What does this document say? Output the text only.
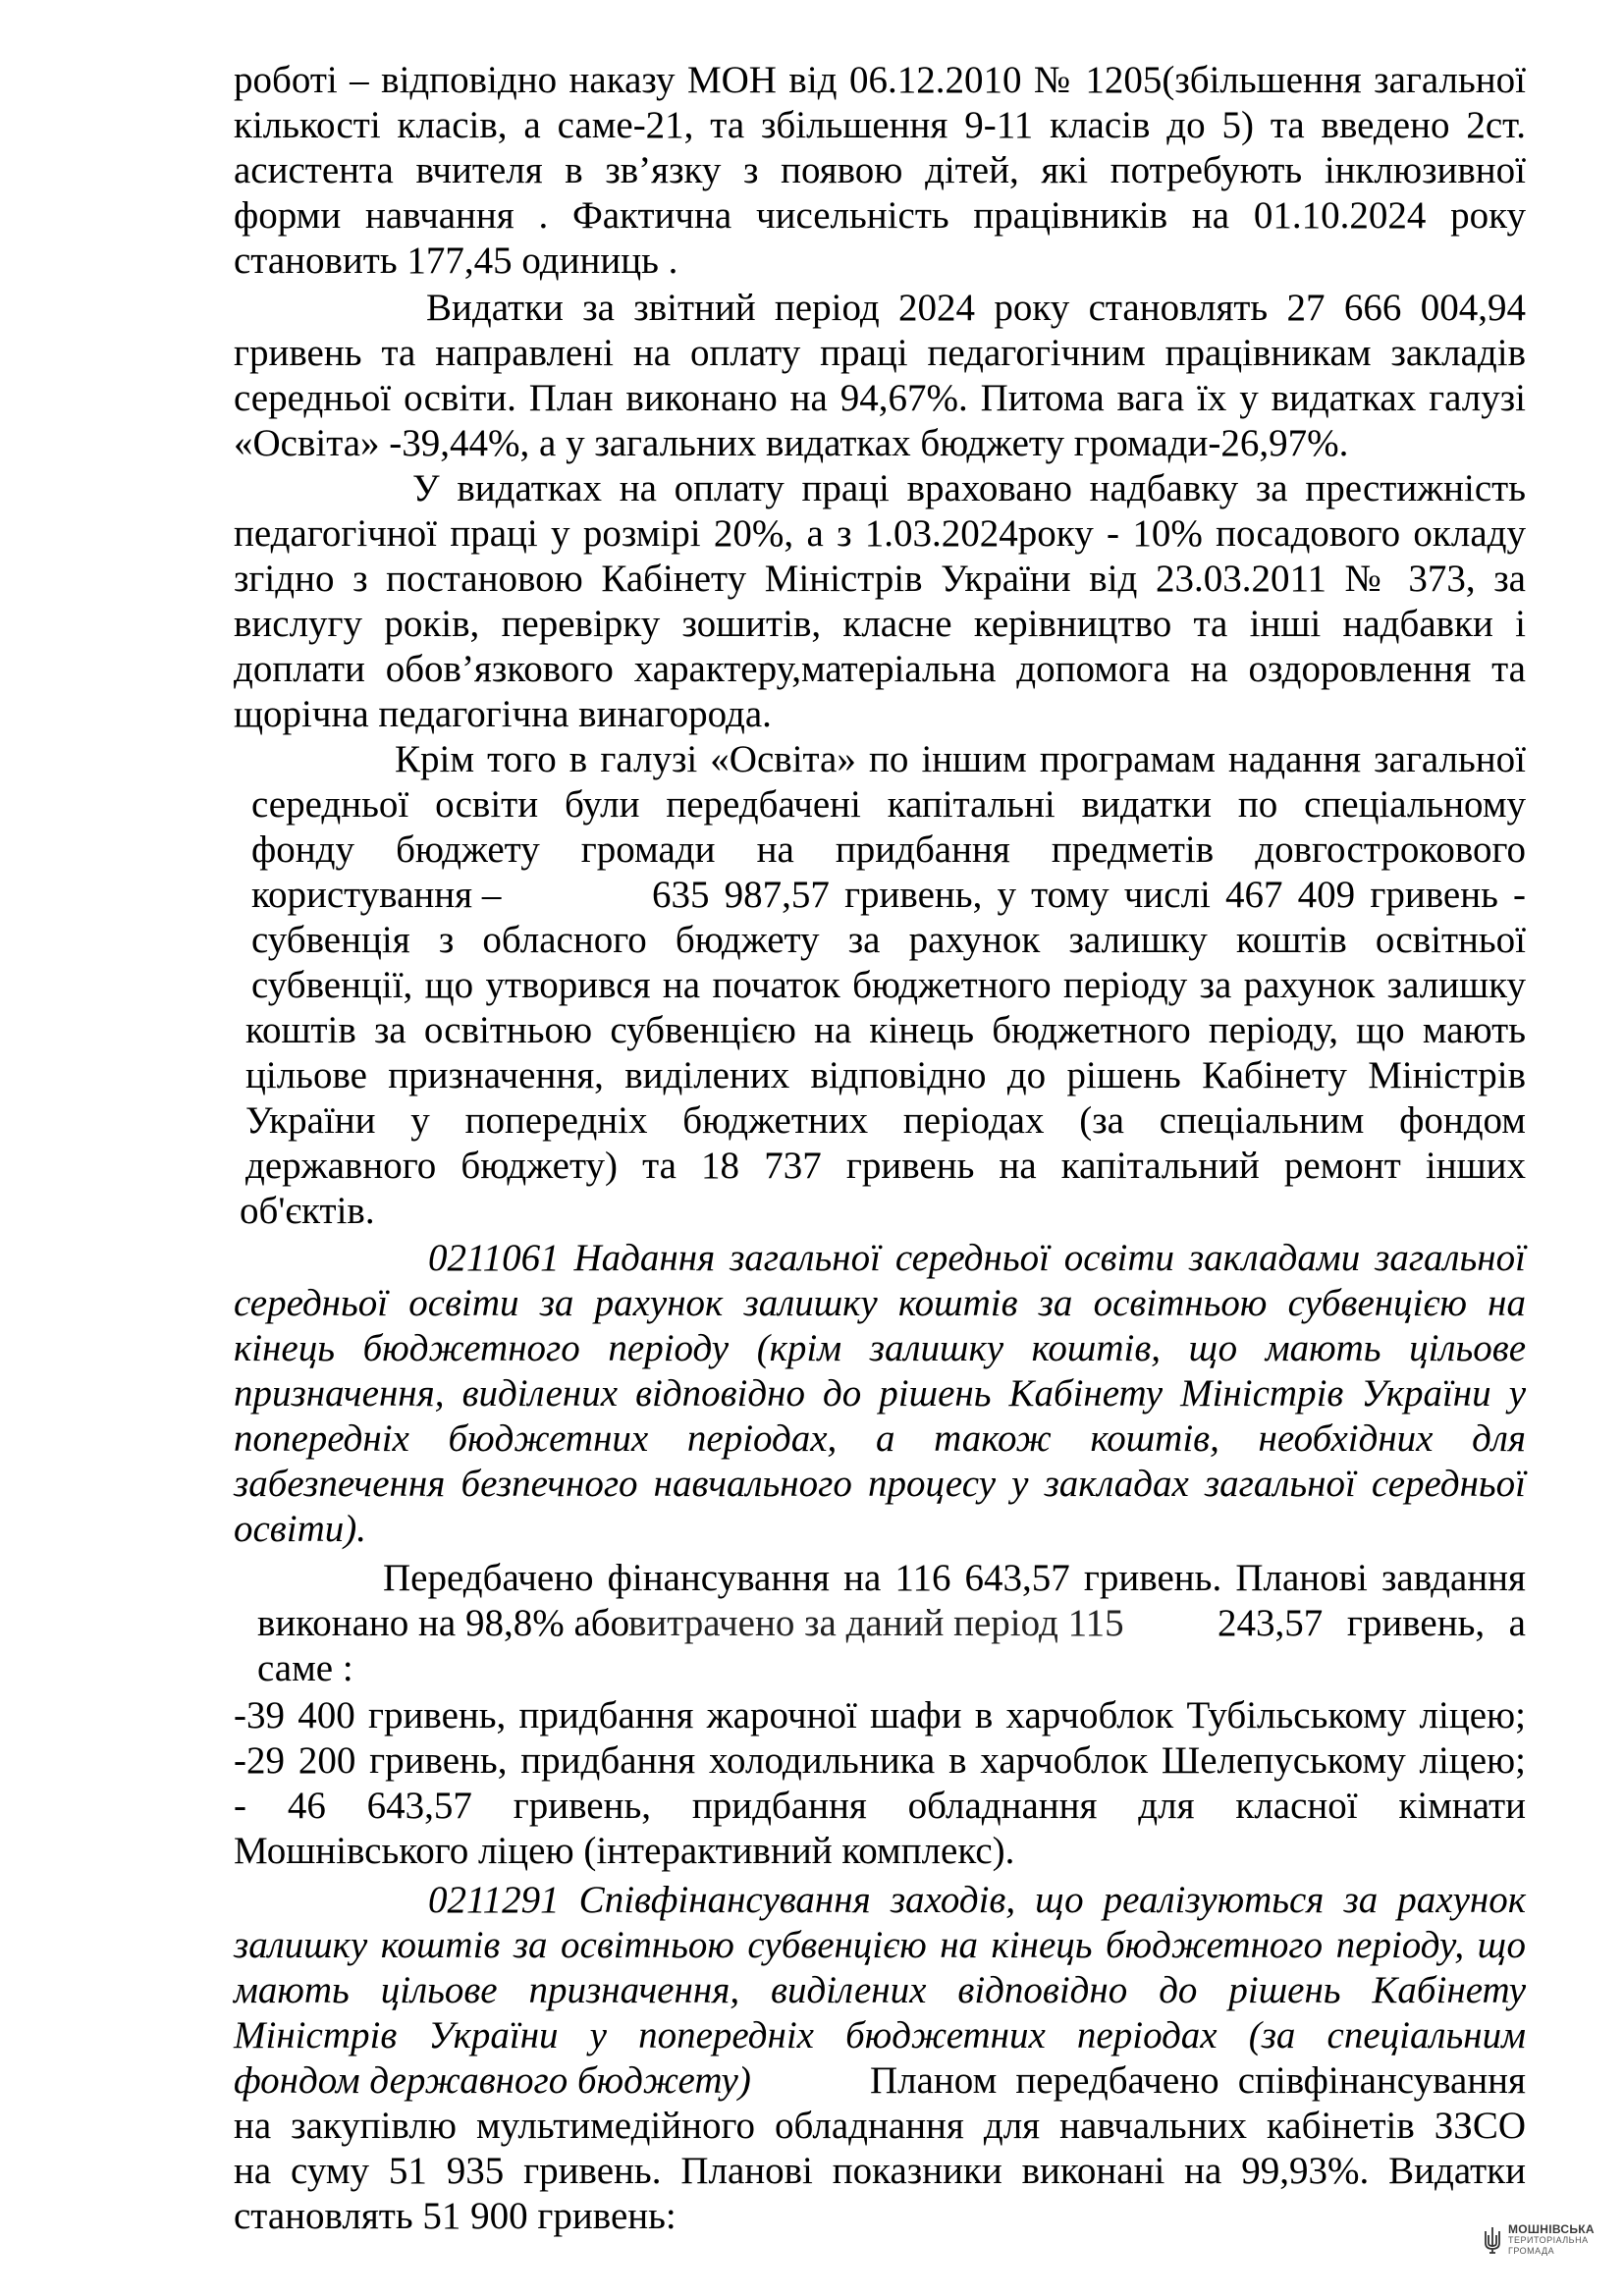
роботі – відповідно наказу МОН від 06.12.2010 № 1205(збільшення загальної
кількості класів, а саме-21, та збільшення 9-11 класів до 5) та введено 2ст.
асистента вчителя в зв’язку з появою дітей, які потребують інклюзивної
форми навчання . Фактична чисельність працівників на 01.10.2024 року
становить 177,45 одиниць .
Видатки за звітний період 2024 року становлять 27 666 004,94
гривень та направлені на оплату праці педагогічним працівникам закладів
середньої освіти. План виконано на 94,67%. Питома вага їх у видатках галузі
«Освіта» -39,44%, а у загальних видатках бюджету громади-26,97%.
У видатках на оплату праці враховано надбавку за престижність
педагогічної праці у розмірі 20%, а з 1.03.2024року - 10% посадового окладу
згідно з постановою Кабінету Міністрів України від 23.03.2011 № 373, за
вислугу років, перевірку зошитів, класне керівництво та інші надбавки і
доплати обов’язкового характеру,матеріальна допомога на оздоровлення та
щорічна педагогічна винагорода.
Крім того в галузі «Освіта» по іншим програмам надання загальної
середньої освіти були передбачені капітальні видатки по спеціальному
фонду бюджету громади на придбання предметів довгострокового
користування –	635 987,57 гривень, у тому числі 467 409 гривень -
субвенція з обласного бюджету за рахунок залишку коштів освітньої
субвенції, що утворився на початок бюджетного періоду за рахунок залишку
коштів за освітньою субвенцією на кінець бюджетного періоду, що мають
цільове призначення, виділених відповідно до рішень Кабінету Міністрів
України у попередніх бюджетних періодах (за спеціальним фондом
державного бюджету) та 18 737 гривень на капітальний ремонт інших
об'єктів.
0211061 Надання загальної середньої освіти закладами загальної
середньої освіти за рахунок залишку коштів за освітньою субвенцією на
кінець бюджетного періоду (крім залишку коштів, що мають цільове
призначення, виділених відповідно до рішень Кабінету Міністрів України у
попередніх бюджетних періодах, а також коштів, необхідних для
забезпечення безпечного навчального процесу у закладах загальної середньої
освіти).
Передбачено фінансування на 116 643,57 гривень. Планові завдання
виконано на 98,8% або
витрачено за даний період 115	243,57 гривень, а
саме :
-39 400 гривень, придбання жарочної шафи в харчоблок Тубільському ліцею;
-29 200 гривень, придбання холодильника в харчоблок Шелепуському ліцею;
- 46 643,57 гривень, придбання обладнання для класної кімнати
Мошнівського ліцею (інтерактивний комплекс).
0211291 Співфінансування заходів, що реалізуються за рахунок
залишку коштів за освітньою субвенцією на кінець бюджетного періоду, що
мають цільове призначення, виділених відповідно до рішень Кабінету
Міністрів України у попередніх бюджетних періодах (за спеціальним
фондом державного бюджету)	Планом передбачено співфінансування
на закупівлю мультимедійного обладнання для навчальних кабінетів ЗЗСО
на суму 51 935 гривень. Планові показники виконані на 99,93%. Видатки
становлять 51 900 гривень:	МОШНІВСЬКА
ТЕРИТОРІАЛЬНА
ГРОМАДА
